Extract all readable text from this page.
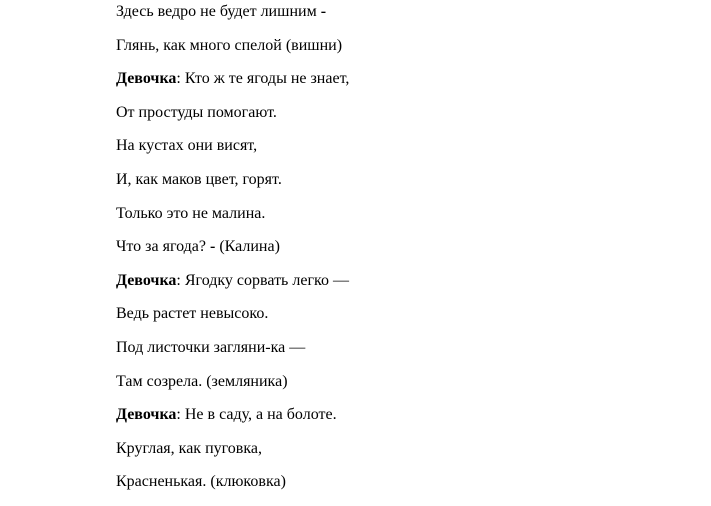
Здесь ведро не будет лишним -
Глянь, как много спелой (вишни)
Девочка: Кто ж те ягоды не знает,
От простуды помогают.
На кустах они висят,
И, как маков цвет, горят.
Только это не малина.
Что за ягода? - (Калина)
Девочка: Ягодку сорвать легко —
Ведь растет невысоко.
Под листочки загляни-ка —
Там созрела. (земляника)
Девочка: Не в саду, а на болоте.
Круглая, как пуговка,
Красненькая. (клюковка)
